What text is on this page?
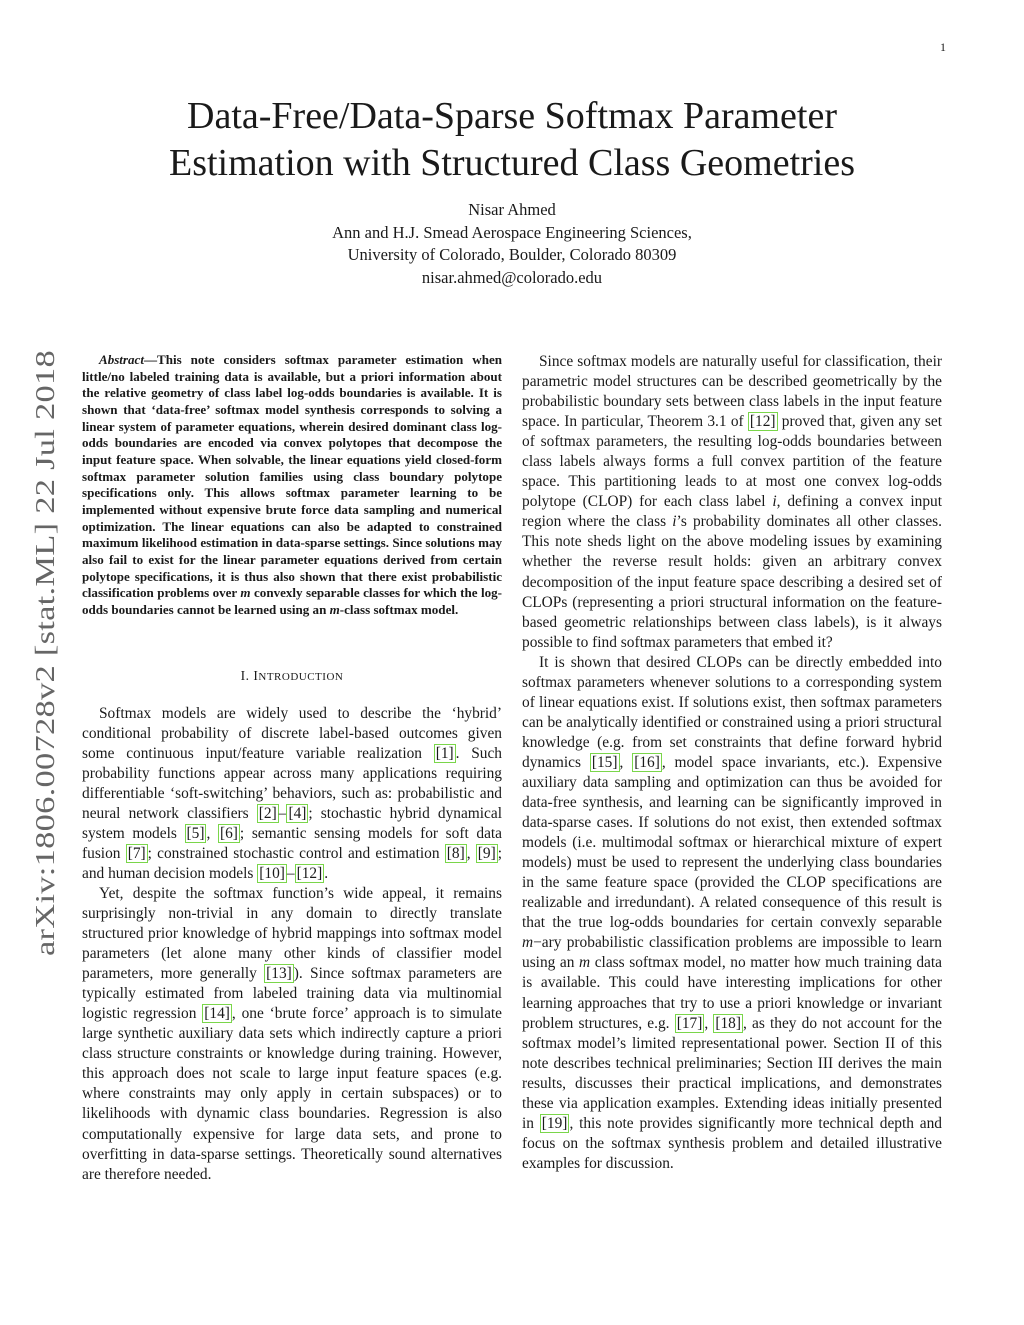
1
arXiv:1806.00728v2 [stat.ML] 22 Jul 2018
Data-Free/Data-Sparse Softmax Parameter
Estimation with Structured Class Geometries
Nisar Ahmed
Ann and H.J. Smead Aerospace Engineering Sciences,
University of Colorado, Boulder, Colorado 80309
nisar.ahmed@colorado.edu

Abstract—This note considers softmax parameter estimation when little/no labeled training data is available, but a priori information about the relative geometry of class label log-odds boundaries is available. It is shown that ‘data-free’ softmax model synthesis corresponds to solving a linear system of parameter equations, wherein desired dominant class log-odds boundaries are encoded via convex polytopes that decompose the input feature space. When solvable, the linear equations yield closed-form softmax parameter solution families using class boundary polytope specifications only. This allows softmax parameter learning to be implemented without expensive brute force data sampling and numerical optimization. The linear equations can also be adapted to constrained maximum likelihood estimation in data-sparse settings. Since solutions may also fail to exist for the linear parameter equations derived from certain polytope specifications, it is thus also shown that there exist probabilistic classification problems over m convexly separable classes for which the log-odds boundaries cannot be learned using an m-class softmax model.

I. INTRODUCTION

Softmax models are widely used to describe the ‘hybrid’ conditional probability of discrete label-based outcomes given some continuous input/feature variable realization [1] . Such probability functions appear across many applications requiring differentiable ‘soft-switching’ behaviors, such as: probabilistic and neural network classifiers [2] – [4] ; stochastic hybrid dynamical system models [5] , [6] ; semantic sensing models for soft data fusion [7] ; constrained stochastic control and estimation [8] , [9] ; and human decision models [10] – [12] .

Yet, despite the softmax function’s wide appeal, it remains surprisingly non-trivial in any domain to directly translate structured prior knowledge of hybrid mappings into softmax model parameters (let alone many other kinds of classifier model parameters, more generally [13] ). Since softmax parameters are typically estimated from labeled training data via multinomial logistic regression [14] , one ‘brute force’ approach is to simulate large synthetic auxiliary data sets which indirectly capture a priori class structure constraints or knowledge during training. However, this approach does not scale to large input feature spaces (e.g. where constraints may only apply in certain subspaces) or to likelihoods with dynamic class boundaries. Regression is also computationally expensive for large data sets, and prone to overfitting in data-sparse settings. Theoretically sound alternatives are therefore needed.

Since softmax models are naturally useful for classification, their parametric model structures can be described geometrically by the probabilistic boundary sets between class labels in the input feature space. In particular, Theorem 3.1 of [12] proved that, given any set of softmax parameters, the resulting log-odds boundaries between class labels always forms a full convex partition of the feature space. This partitioning leads to at most one convex log-odds polytope (CLOP) for each class label i, defining a convex input region where the class i’s probability dominates all other classes. This note sheds light on the above modeling issues by examining whether the reverse result holds: given an arbitrary convex decomposition of the input feature space describing a desired set of CLOPs (representing a priori structural information on the feature-based geometric relationships between class labels), is it always possible to find softmax parameters that embed it?

It is shown that desired CLOPs can be directly embedded into softmax parameters whenever solutions to a corresponding system of linear equations exist. If solutions exist, then softmax parameters can be analytically identified or constrained using a priori structural knowledge (e.g. from set constraints that define forward hybrid dynamics [15] , [16] , model space invariants, etc.). Expensive auxiliary data sampling and optimization can thus be avoided for data-free synthesis, and learning can be significantly improved in data-sparse cases. If solutions do not exist, then extended softmax models (i.e. multimodal softmax or hierarchical mixture of expert models) must be used to represent the underlying class boundaries in the same feature space (provided the CLOP specifications are realizable and irredundant). A related consequence of this result is that the true log-odds boundaries for certain convexly separable m−ary probabilistic classification problems are impossible to learn using an m class softmax model, no matter how much training data is available. This could have interesting implications for other learning approaches that try to use a priori knowledge or invariant problem structures, e.g. [17] , [18] , as they do not account for the softmax model’s limited representational power. Section II of this note describes technical preliminaries; Section III derives the main results, discusses their practical implications, and demonstrates these via application examples. Extending ideas initially presented in [19] , this note provides significantly more technical depth and focus on the softmax synthesis problem and detailed illustrative examples for discussion.
